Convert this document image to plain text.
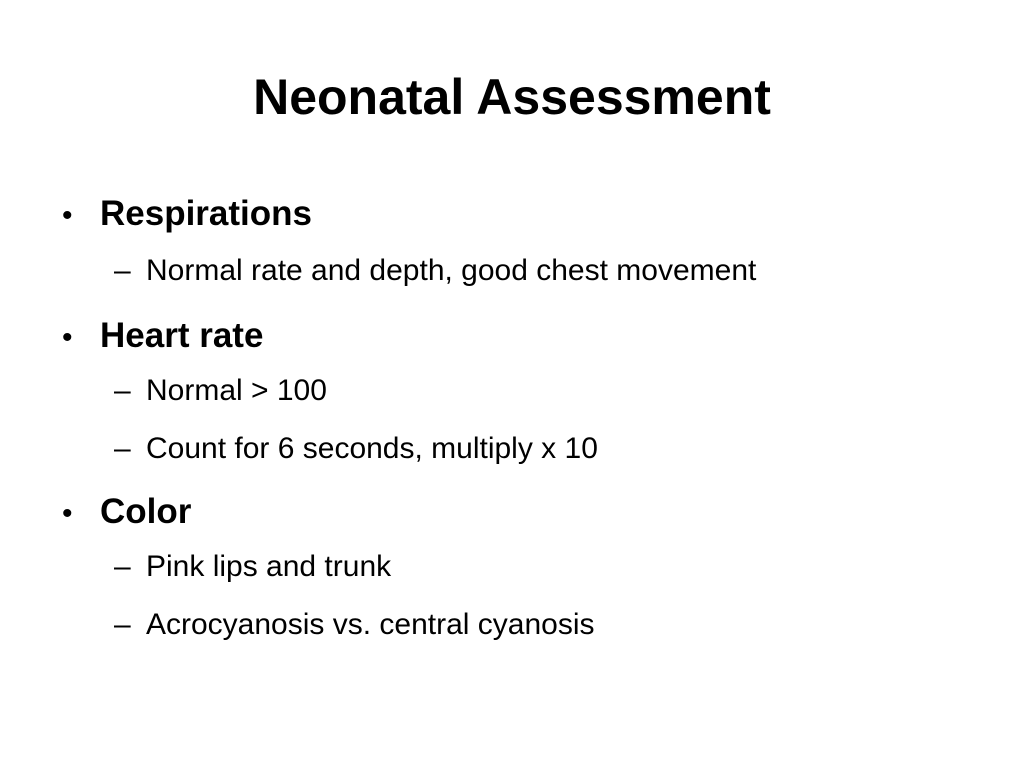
Neonatal Assessment
• Respirations
– Normal rate and depth, good chest movement
• Heart rate
– Normal > 100
– Count for 6 seconds, multiply x 10
• Color
– Pink lips and trunk
– Acrocyanosis vs. central cyanosis
